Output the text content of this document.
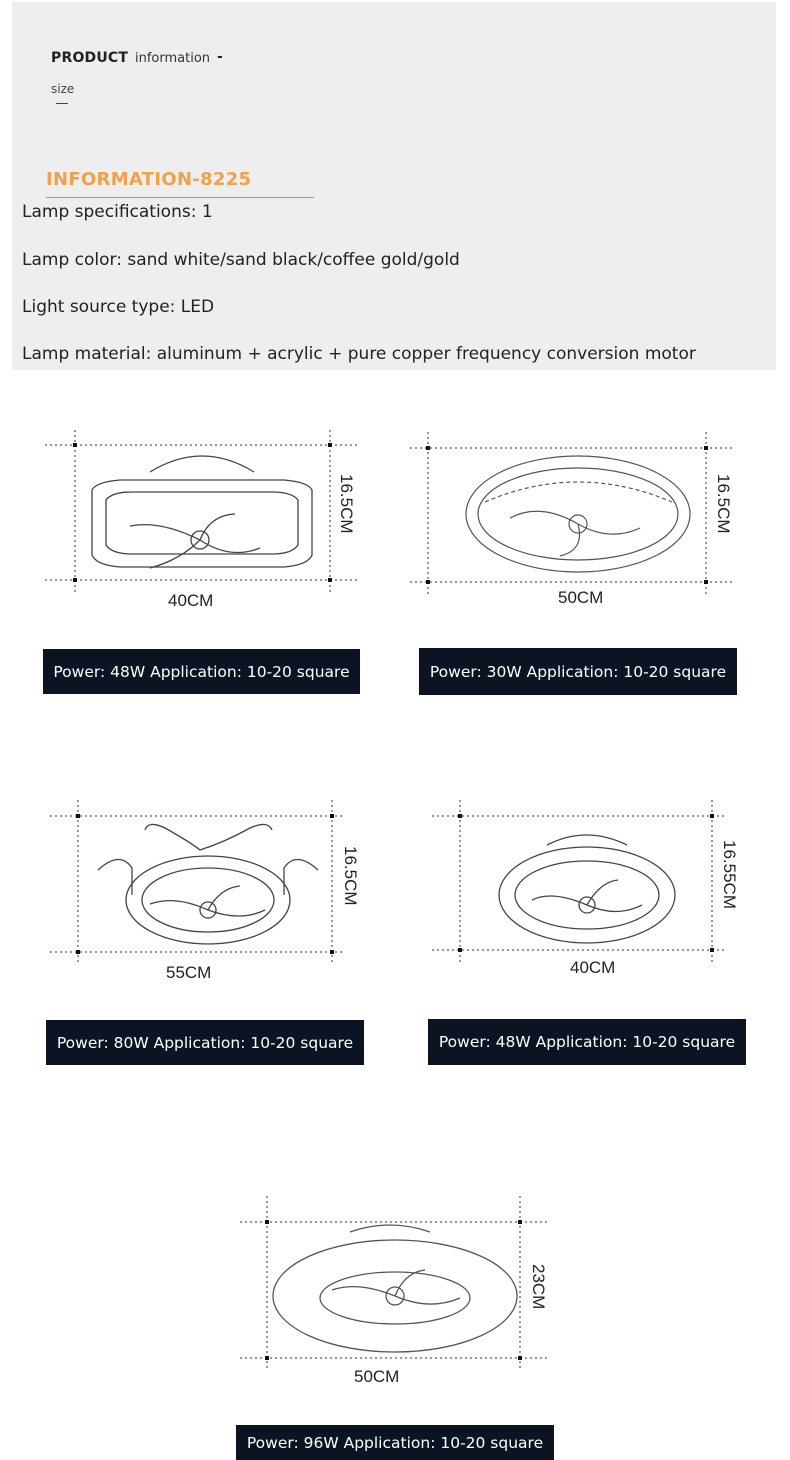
PRODUCT information -
size
INFORMATION-8225
Lamp specifications: 1
Lamp color: sand white/sand black/coffee gold/gold
Light source type: LED
Lamp material: aluminum + acrylic + pure copper frequency conversion motor
40CM
16.5CM
Power: 48W Application: 10-20 square
50CM
16.5CM
Power: 30W Application: 10-20 square
55CM
16.5CM
Power: 80W Application: 10-20 square
40CM
16.55CM
Power: 48W Application: 10-20 square
50CM
23CM
Power: 96W Application: 10-20 square
